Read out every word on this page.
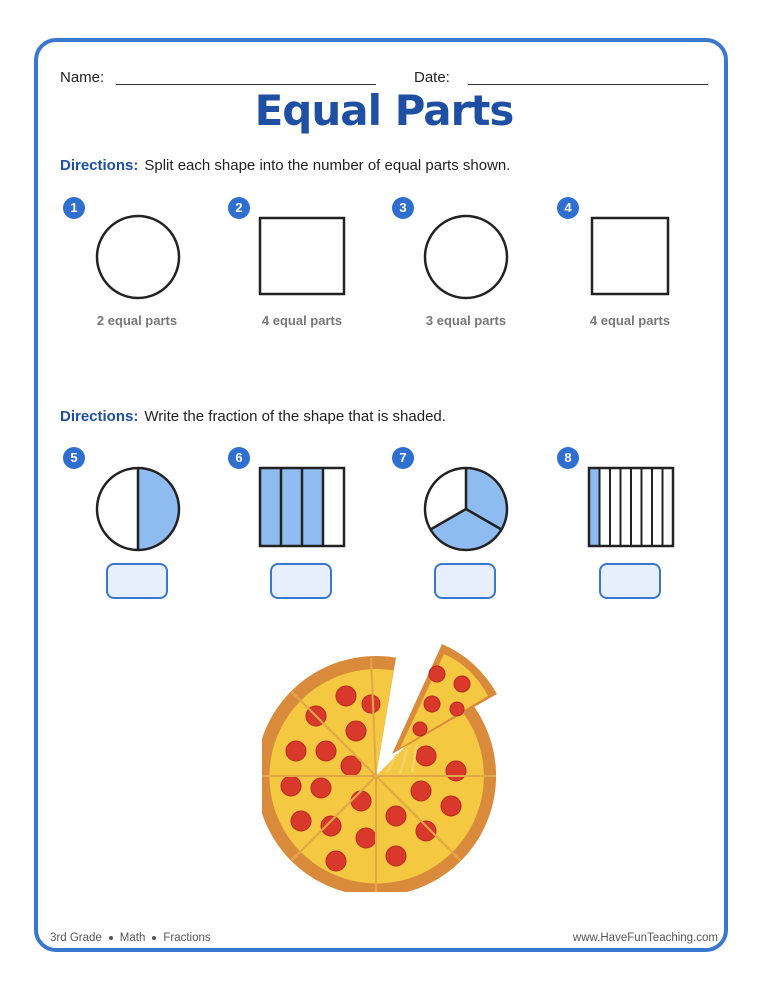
Name:	Date:
Equal Parts
Directions: Split each shape into the number of equal parts shown.
1
2 equal parts
2
4 equal parts
3
3 equal parts
4
4 equal parts
Directions: Write the fraction of the shape that is shaded.
5	6	7	8
3rd Grade Math Fractions	www.HaveFunTeaching.com
